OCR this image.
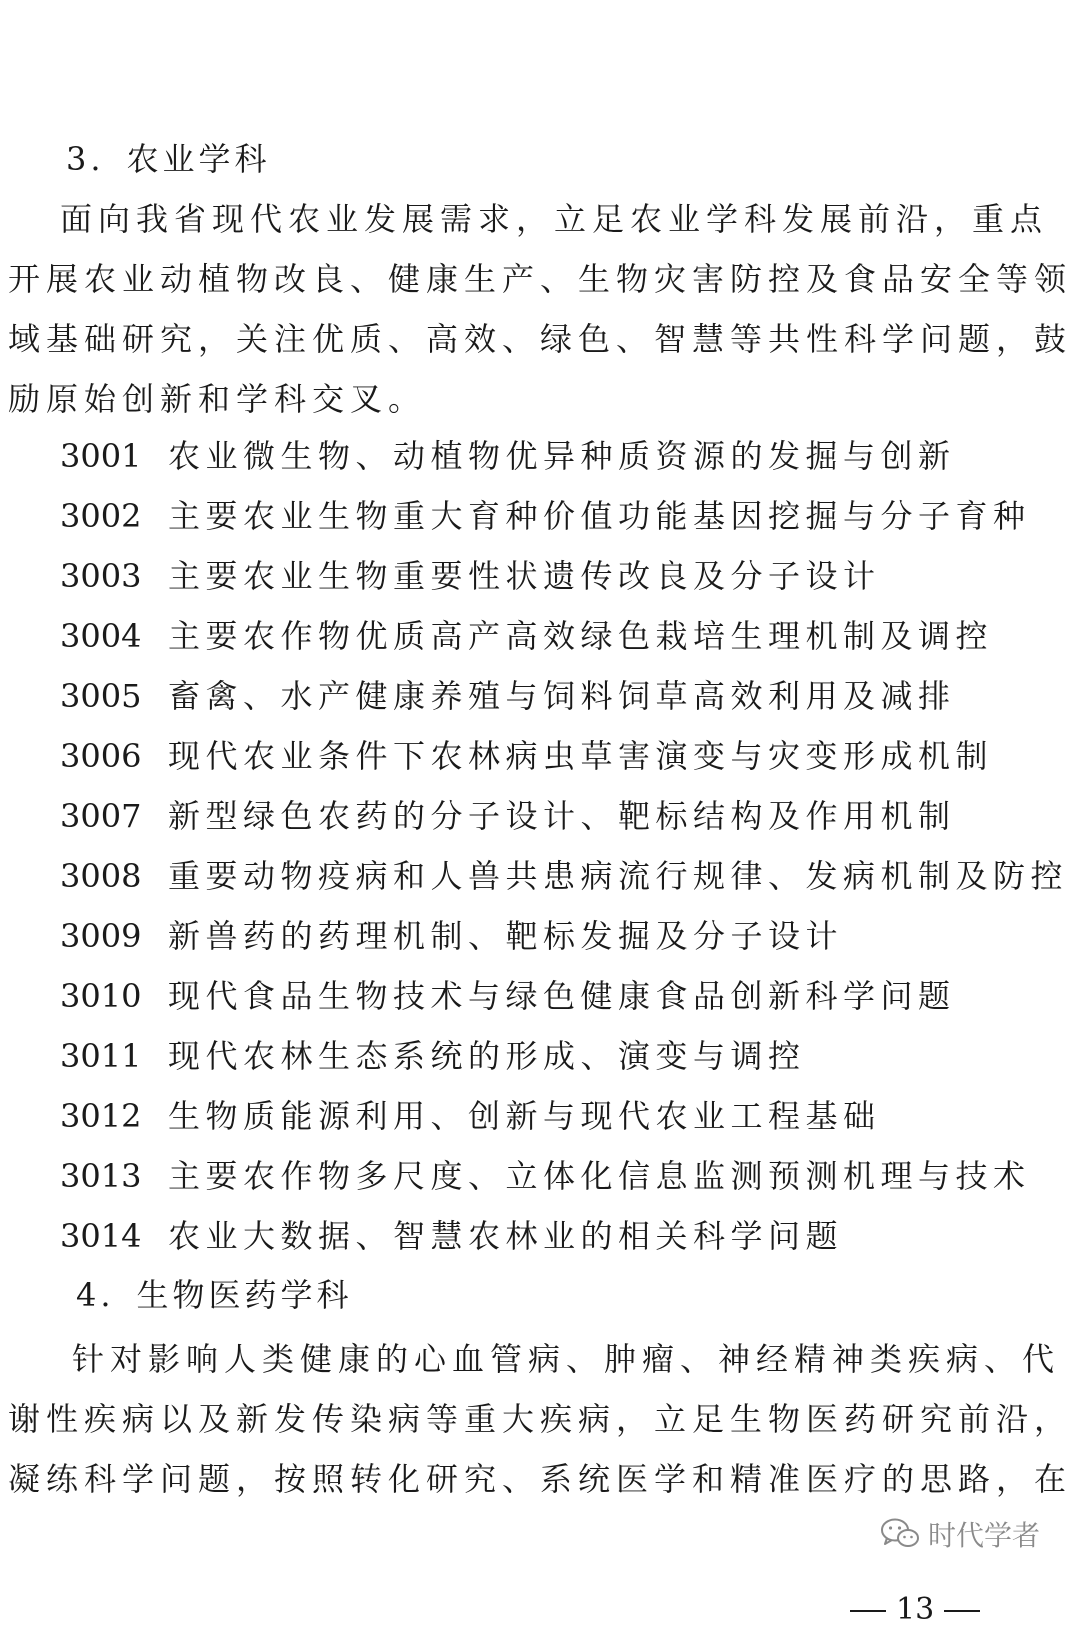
3. 农业学科
面向我省现代农业发展需求，立足农业学科发展前沿，重点
开展农业动植物改良、健康生产、生物灾害防控及食品安全等领
域基础研究，关注优质、高效、绿色、智慧等共性科学问题，鼓
励原始创新和学科交叉。
3001 农业微生物、动植物优异种质资源的发掘与创新
3002 主要农业生物重大育种价值功能基因挖掘与分子育种
3003 主要农业生物重要性状遗传改良及分子设计
3004 主要农作物优质高产高效绿色栽培生理机制及调控
3005 畜禽、水产健康养殖与饲料饲草高效利用及减排
3006 现代农业条件下农林病虫草害演变与灾变形成机制
3007 新型绿色农药的分子设计、靶标结构及作用机制
3008 重要动物疫病和人兽共患病流行规律、发病机制及防控
3009 新兽药的药理机制、靶标发掘及分子设计
3010 现代食品生物技术与绿色健康食品创新科学问题
3011 现代农林生态系统的形成、演变与调控
3012 生物质能源利用、创新与现代农业工程基础
3013 主要农作物多尺度、立体化信息监测预测机理与技术
3014 农业大数据、智慧农林业的相关科学问题
4. 生物医药学科
针对影响人类健康的心血管病、肿瘤、神经精神类疾病、代
谢性疾病以及新发传染病等重大疾病，立足生物医药研究前沿，
凝练科学问题，按照转化研究、系统医学和精准医疗的思路，在
时代学者
13
